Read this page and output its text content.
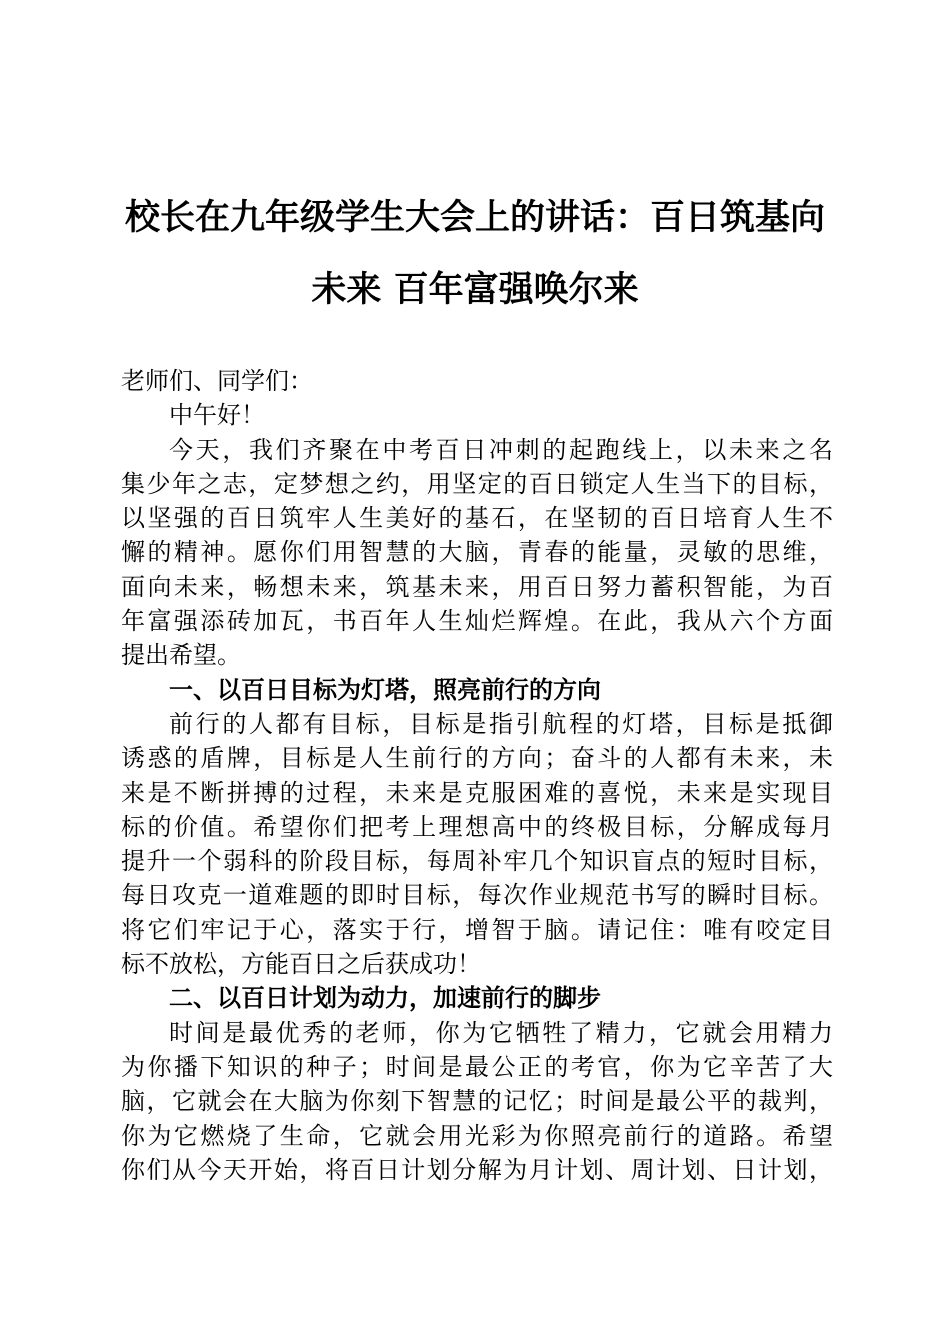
校长在九年级学生大会上的讲话：百日筑基向
未来 百年富强唤尔来
老师们、同学们：
中午好！
今天，我们齐聚在中考百日冲刺的起跑线上，以未来之名
集少年之志，定梦想之约，用坚定的百日锁定人生当下的目标，
以坚强的百日筑牢人生美好的基石，在坚韧的百日培育人生不
懈的精神。愿你们用智慧的大脑，青春的能量，灵敏的思维，
面向未来，畅想未来，筑基未来，用百日努力蓄积智能，为百
年富强添砖加瓦，书百年人生灿烂辉煌。在此，我从六个方面
提出希望。
一、以百日目标为灯塔，照亮前行的方向
前行的人都有目标，目标是指引航程的灯塔，目标是抵御
诱惑的盾牌，目标是人生前行的方向；奋斗的人都有未来，未
来是不断拼搏的过程，未来是克服困难的喜悦，未来是实现目
标的价值。希望你们把考上理想高中的终极目标，分解成每月
提升一个弱科的阶段目标，每周补牢几个知识盲点的短时目标，
每日攻克一道难题的即时目标，每次作业规范书写的瞬时目标。
将它们牢记于心，落实于行，增智于脑。请记住：唯有咬定目
标不放松，方能百日之后获成功！
二、以百日计划为动力，加速前行的脚步
时间是最优秀的老师，你为它牺牲了精力，它就会用精力
为你播下知识的种子；时间是最公正的考官，你为它辛苦了大
脑，它就会在大脑为你刻下智慧的记忆；时间是最公平的裁判，
你为它燃烧了生命，它就会用光彩为你照亮前行的道路。希望
你们从今天开始，将百日计划分解为月计划、周计划、日计划，
